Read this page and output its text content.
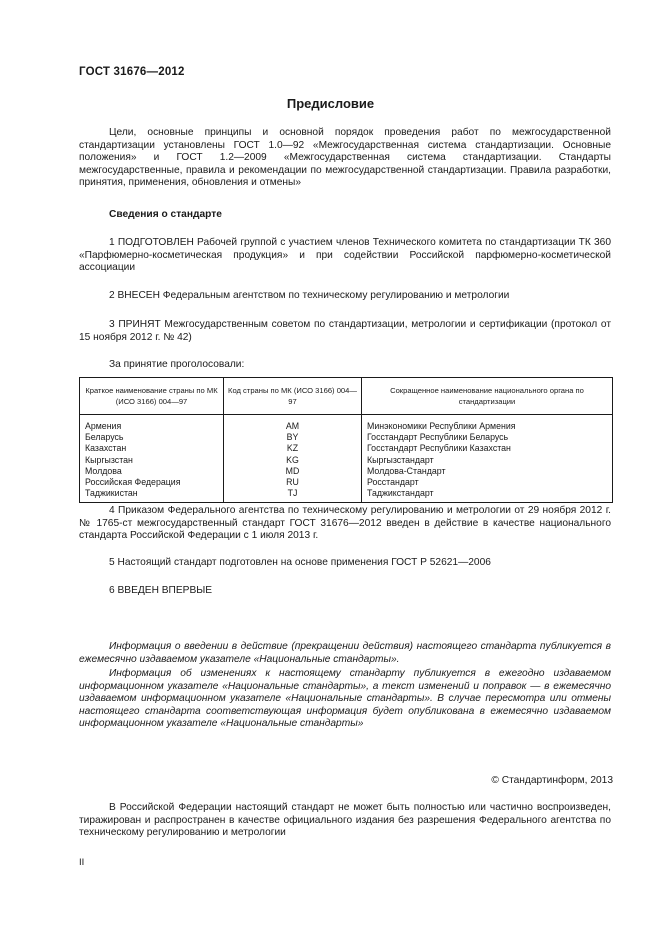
ГОСТ 31676—2012
Предисловие
Цели, основные принципы и основной порядок проведения работ по межгосударственной стандартизации установлены ГОСТ 1.0—92 «Межгосударственная система стандартизации. Основные положения» и ГОСТ 1.2—2009 «Межгосударственная система стандартизации. Стандарты межгосударственные, правила и рекомендации по межгосударственной стандартизации. Правила разработки, принятия, применения, обновления и отмены»
Сведения о стандарте
1 ПОДГОТОВЛЕН Рабочей группой с участием членов Технического комитета по стандартизации ТК 360 «Парфюмерно-косметическая продукция» и при содействии Российской парфюмерно-косметической ассоциации
2 ВНЕСЕН Федеральным агентством по техническому регулированию и метрологии
3 ПРИНЯТ Межгосударственным советом по стандартизации, метрологии и сертификации (протокол от 15 ноября 2012 г. № 42)
За принятие проголосовали:
Краткое наименование страны по МК (ИСО 3166) 004—97	Код страны по МК (ИСО 3166) 004—97	Сокращенное наименование национального органа по стандартизации
Армения	AM	Минэкономики Республики Армения
Беларусь	BY	Госстандарт Республики Беларусь
Казахстан	KZ	Госстандарт Республики Казахстан
Кыргызстан	KG	Кыргызстандарт
Молдова	MD	Молдова-Стандарт
Российская Федерация	RU	Росстандарт
Таджикистан	TJ	Таджикстандарт
4 Приказом Федерального агентства по техническому регулированию и метрологии от 29 ноября 2012 г. № 1765-ст межгосударственный стандарт ГОСТ 31676—2012 введен в действие в качестве национального стандарта Российской Федерации с 1 июля 2013 г.
5 Настоящий стандарт подготовлен на основе применения ГОСТ Р 52621—2006
6 ВВЕДЕН ВПЕРВЫЕ
Информация о введении в действие (прекращении действия) настоящего стандарта публикуется в ежемесячно издаваемом указателе «Национальные стандарты».
Информация об изменениях к настоящему стандарту публикуется в ежегодно издаваемом информационном указателе «Национальные стандарты», а текст изменений и поправок — в ежемесячно издаваемом информационном указателе «Национальные стандарты». В случае пересмотра или отмены настоящего стандарта соответствующая информация будет опубликована в ежемесячно издаваемом информационном указателе «Национальные стандарты»
© Стандартинформ, 2013
В Российской Федерации настоящий стандарт не может быть полностью или частично воспроизведен, тиражирован и распространен в качестве официального издания без разрешения Федерального агентства по техническому регулированию и метрологии
II
